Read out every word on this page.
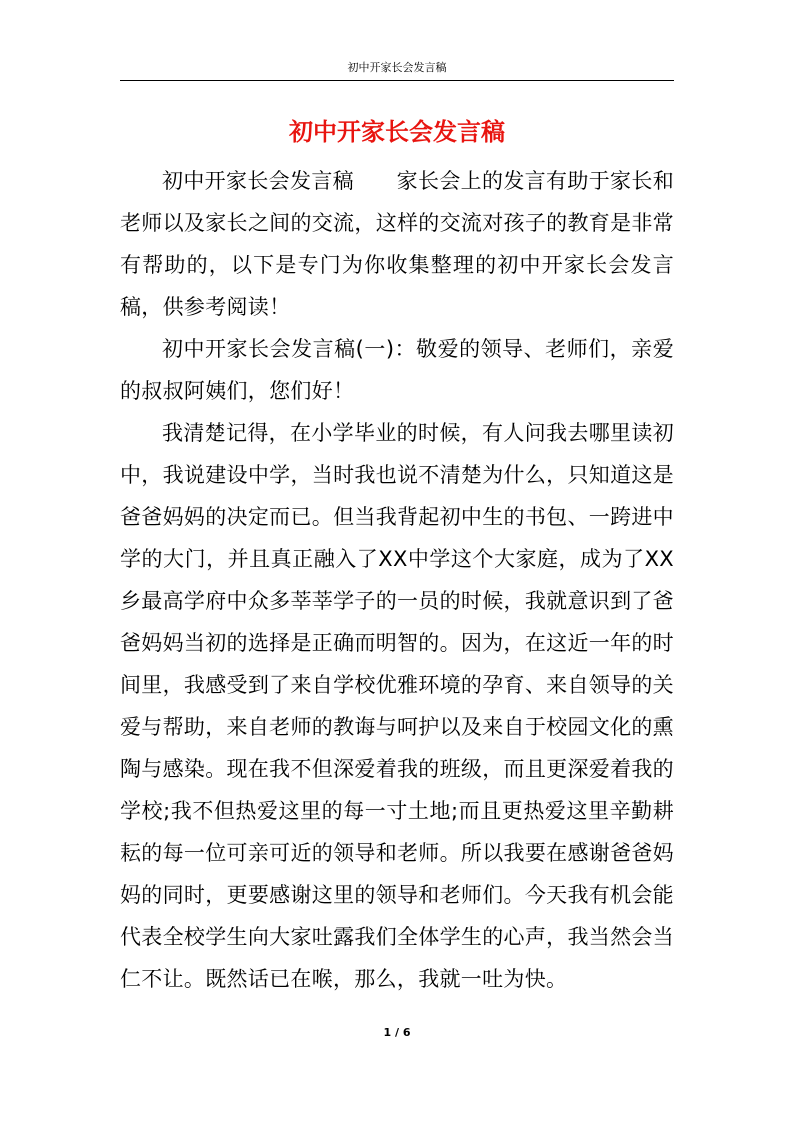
初中开家长会发言稿
初中开家长会发言稿

初中开家长会发言稿　　家长会上的发言有助于家长和老师以及家长之间的交流，这样的交流对孩子的教育是非常有帮助的，以下是专门为你收集整理的初中开家长会发言稿，供参考阅读！

初中开家长会发言稿(一)：敬爱的领导、老师们，亲爱的叔叔阿姨们，您们好！

我清楚记得，在小学毕业的时候，有人问我去哪里读初中，我说建设中学，当时我也说不清楚为什么，只知道这是爸爸妈妈的决定而已。但当我背起初中生的书包、一跨进中学的大门，并且真正融入了XX中学这个大家庭，成为了XX乡最高学府中众多莘莘学子的一员的时候，我就意识到了爸爸妈妈当初的选择是正确而明智的。因为，在这近一年的时间里，我感受到了来自学校优雅环境的孕育、来自领导的关爱与帮助，来自老师的教诲与呵护以及来自于校园文化的熏陶与感染。现在我不但深爱着我的班级，而且更深爱着我的学校;我不但热爱这里的每一寸土地;而且更热爱这里辛勤耕耘的每一位可亲可近的领导和老师。所以我要在感谢爸爸妈妈的同时，更要感谢这里的领导和老师们。今天我有机会能代表全校学生向大家吐露我们全体学生的心声，我当然会当仁不让。既然话已在喉，那么，我就一吐为快。

1 / 6
